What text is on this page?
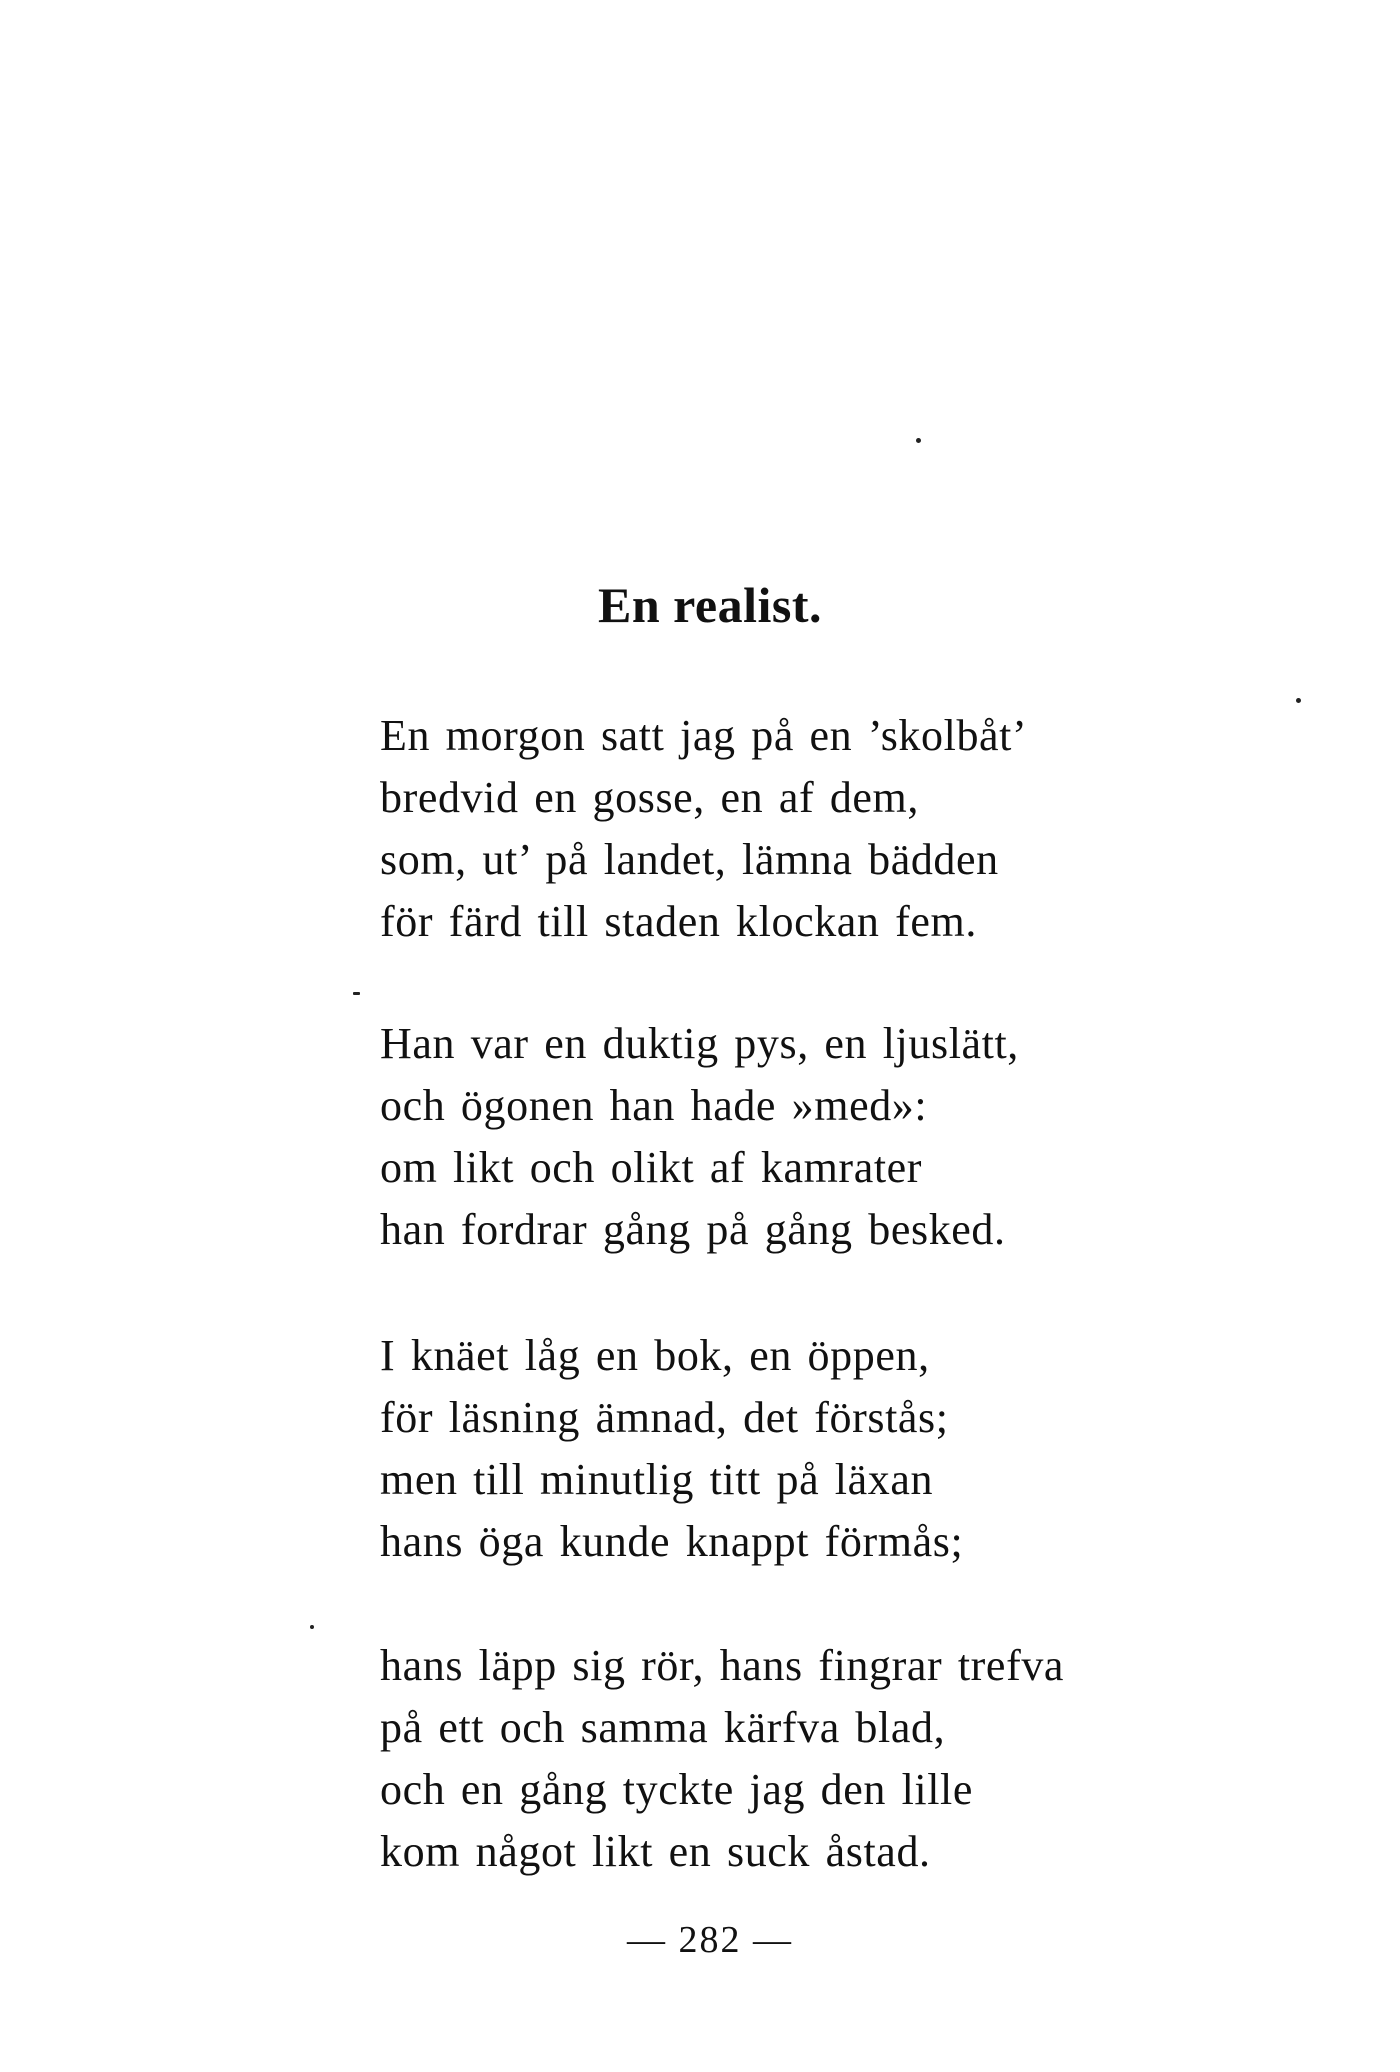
En realist.
En morgon satt jag på en ’skolbåt’
bredvid en gosse, en af dem,
som, ut’ på landet, lämna bädden
för färd till staden klockan fem.
Han var en duktig pys, en ljuslätt,
och ögonen han hade »med»:
om likt och olikt af kamrater
han fordrar gång på gång besked.
I knäet låg en bok, en öppen,
för läsning ämnad, det förstås;
men till minutlig titt på läxan
hans öga kunde knappt förmås;
hans läpp sig rör, hans fingrar trefva
på ett och samma kärfva blad,
och en gång tyckte jag den lille
kom något likt en suck åstad.
— 282 —
